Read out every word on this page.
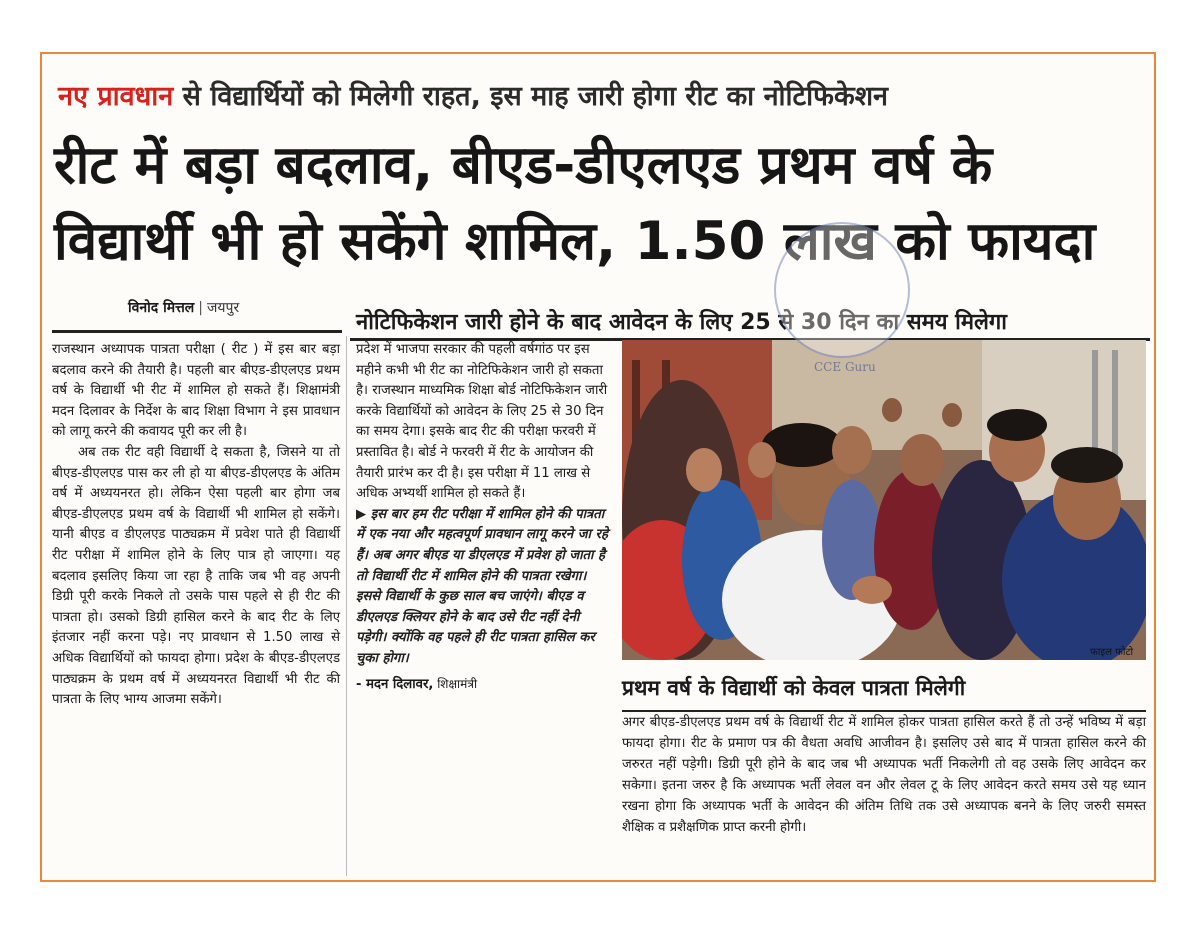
नए प्रावधान से विद्यार्थियों को मिलेगी राहत, इस माह जारी होगा रीट का नोटिफिकेशन
रीट में बड़ा बदलाव, बीएड-डीएलएड प्रथम वर्ष के
विद्यार्थी भी हो सकेंगे शामिल, 1.50 लाख को फायदा
विनोद मित्तल | जयपुर
नोटिफिकेशन जारी होने के बाद आवेदन के लिए 25 से 30 दिन का समय मिलेगा

राजस्थान अध्यापक पात्रता परीक्षा ( रीट ) में इस बार बड़ा बदलाव करने की तैयारी है। पहली बार बीएड-डीएलएड प्रथम वर्ष के विद्यार्थी भी रीट में शामिल हो सकते हैं। शिक्षामंत्री मदन दिलावर के निर्देश के बाद शिक्षा विभाग ने इस प्रावधान को लागू करने की कवायद पूरी कर ली है।

अब तक रीट वही विद्यार्थी दे सकता है, जिसने या तो बीएड-डीएलएड पास कर ली हो या बीएड-डीएलएड के अंतिम वर्ष में अध्ययनरत हो। लेकिन ऐसा पहली बार होगा जब बीएड-डीएलएड प्रथम वर्ष के विद्यार्थी भी शामिल हो सकेंगे। यानी बीएड व डीएलएड पाठ्यक्रम में प्रवेश पाते ही विद्यार्थी रीट परीक्षा में शामिल होने के लिए पात्र हो जाएगा। यह बदलाव इसलिए किया जा रहा है ताकि जब भी वह अपनी डिग्री पूरी करके निकले तो उसके पास पहले से ही रीट की पात्रता हो। उसको डिग्री हासिल करने के बाद रीट के लिए इंतजार नहीं करना पड़े। नए प्रावधान से 1.50 लाख से अधिक विद्यार्थियों को फायदा होगा। प्रदेश के बीएड-डीएलएड पाठ्यक्रम के प्रथम वर्ष में अध्ययनरत विद्यार्थी भी रीट की पात्रता के लिए भाग्य आजमा सकेंगे।

प्रदेश में भाजपा सरकार की पहली वर्षगांठ पर इस महीने कभी भी रीट का नोटिफिकेशन जारी हो सकता है। राजस्थान माध्यमिक शिक्षा बोर्ड नोटिफिकेशन जारी करके विद्यार्थियों को आवेदन के लिए 25 से 30 दिन का समय देगा। इसके बाद रीट की परीक्षा फरवरी में प्रस्तावित है। बोर्ड ने फरवरी में रीट के आयोजन की तैयारी प्रारंभ कर दी है। इस परीक्षा में 11 लाख से अधिक अभ्यर्थी शामिल हो सकते हैं।

▶ इस बार हम रीट परीक्षा में शामिल होने की पात्रता में एक नया और महत्वपूर्ण प्रावधान लागू करने जा रहे हैं। अब अगर बीएड या डीएलएड में प्रवेश हो जाता है तो विद्यार्थी रीट में शामिल होने की पात्रता रखेगा। इससे विद्यार्थी के कुछ साल बच जाएंगे। बीएड व डीएलएड क्लियर होने के बाद उसे रीट नहीं देनी पड़ेगी। क्योंकि वह पहले ही रीट पात्रता हासिल कर चुका होगा।

- मदन दिलावर, शिक्षामंत्री

फाइल फोटो
CCE Guru
प्रथम वर्ष के विद्यार्थी को केवल पात्रता मिलेगी
अगर बीएड-डीएलएड प्रथम वर्ष के विद्यार्थी रीट में शामिल होकर पात्रता हासिल करते हैं तो उन्हें भविष्य में बड़ा फायदा होगा। रीट के प्रमाण पत्र की वैधता अवधि आजीवन है। इसलिए उसे बाद में पात्रता हासिल करने की जरुरत नहीं पड़ेगी। डिग्री पूरी होने के बाद जब भी अध्यापक भर्ती निकलेगी तो वह उसके लिए आवेदन कर सकेगा। इतना जरुर है कि अध्यापक भर्ती लेवल वन और लेवल टू के लिए आवेदन करते समय उसे यह ध्यान रखना होगा कि अध्यापक भर्ती के आवेदन की अंतिम तिथि तक उसे अध्यापक बनने के लिए जरुरी समस्त शैक्षिक व प्रशैक्षणिक प्राप्त करनी होगी।
